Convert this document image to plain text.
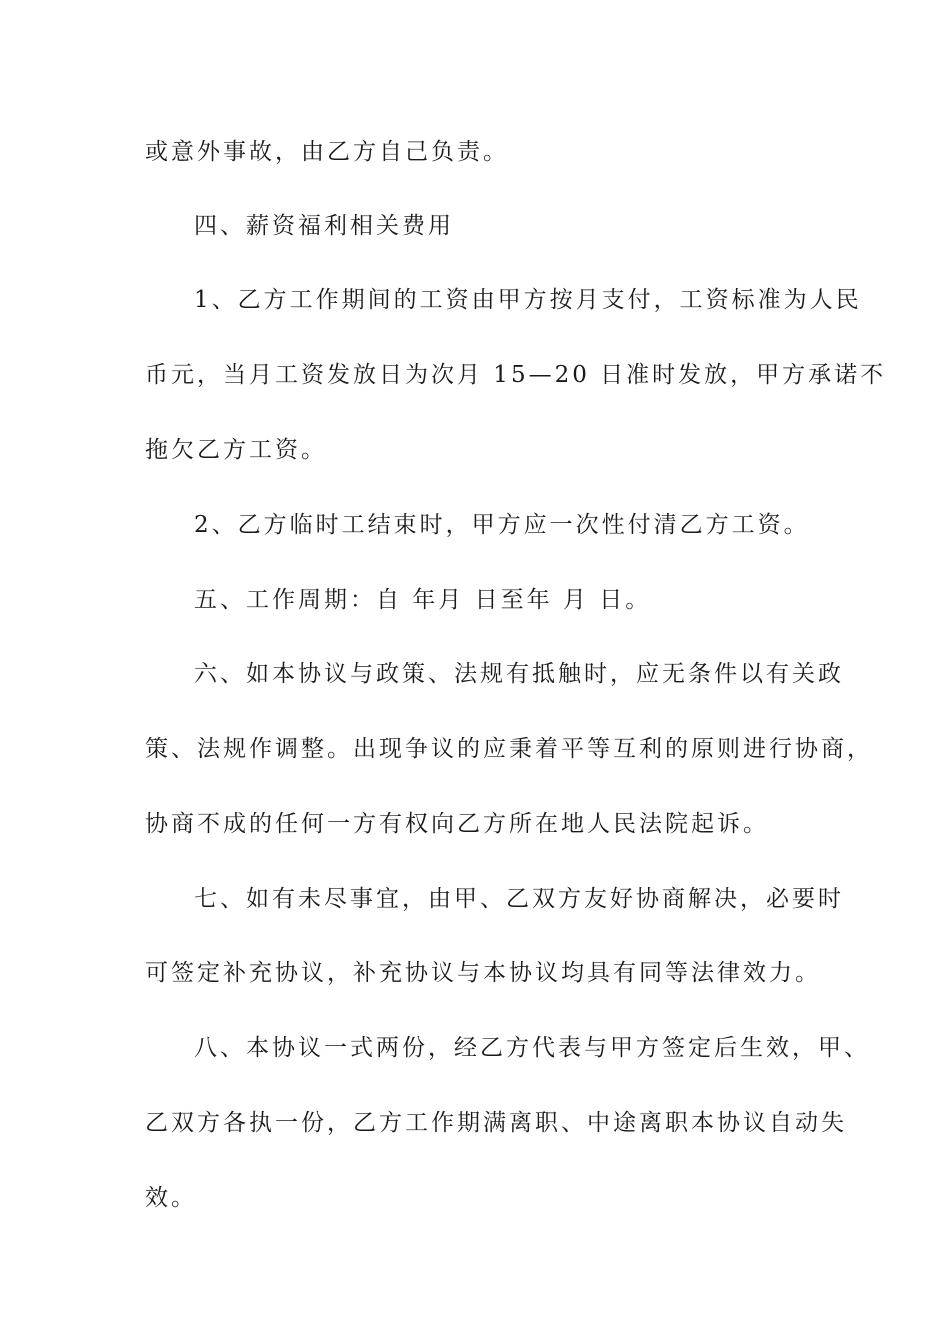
或意外事故，由乙方自己负责。
四、薪资福利相关费用
1、乙方工作期间的工资由甲方按月支付，工资标准为人民
币元，当月工资发放日为次月 15—20 日准时发放，甲方承诺不
拖欠乙方工资。
2、乙方临时工结束时，甲方应一次性付清乙方工资。
五、工作周期：自 年月 日至年 月 日。
六、如本协议与政策、法规有抵触时，应无条件以有关政
策、法规作调整。出现争议的应秉着平等互利的原则进行协商，
协商不成的任何一方有权向乙方所在地人民法院起诉。
七、如有未尽事宜，由甲、乙双方友好协商解决，必要时
可签定补充协议，补充协议与本协议均具有同等法律效力。
八、本协议一式两份，经乙方代表与甲方签定后生效，甲、
乙双方各执一份，乙方工作期满离职、中途离职本协议自动失
效。
